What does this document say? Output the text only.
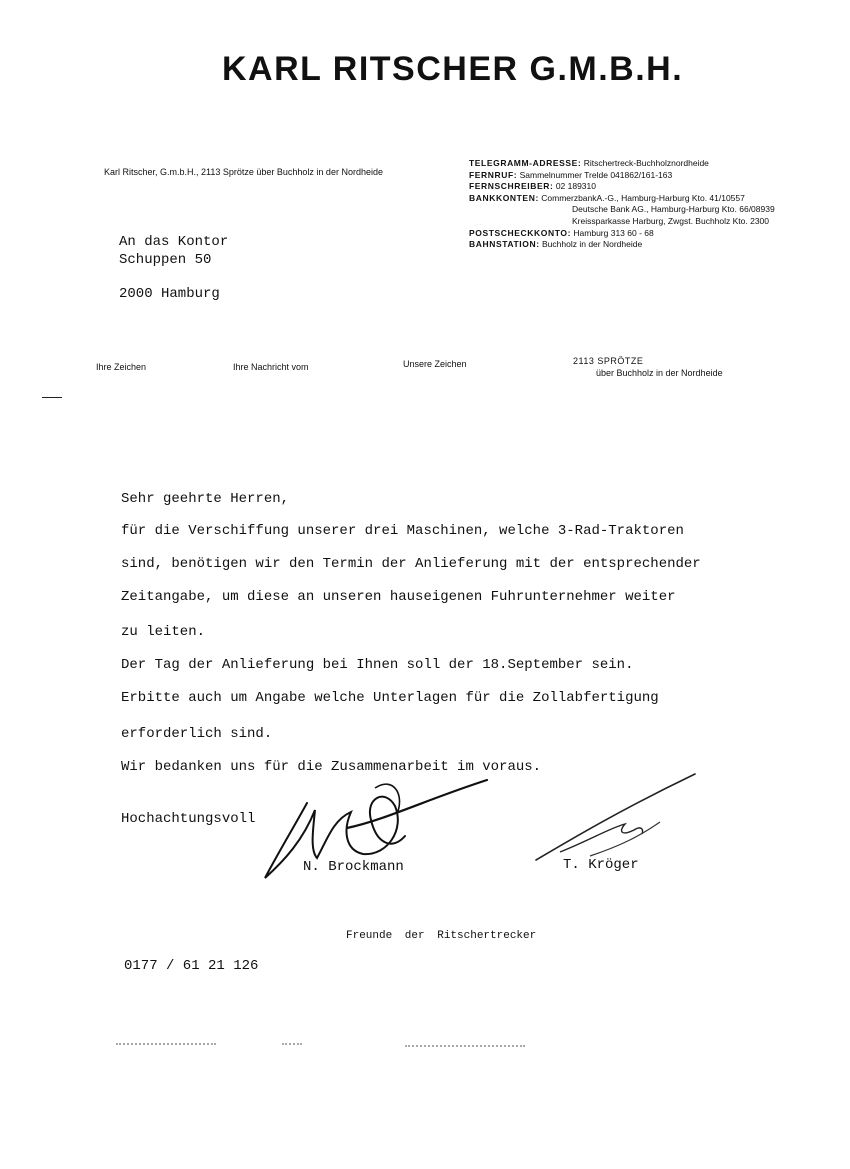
KARL RITSCHER G.M.B.H.
Karl Ritscher, G.m.b.H., 2113 Sprötze über Buchholz in der Nordheide
TELEGRAMM-ADRESSE: Ritschertreck-Buchholznordheide
FERNRUF: Sammelnummer Trelde 041862/161-163
FERNSCHREIBER: 02 189310
BANKKONTEN: CommerzbankA.-G., Hamburg-Harburg Kto. 41/10557
Deutsche Bank AG., Hamburg-Harburg Kto. 66/08939
Kreissparkasse Harburg, Zwgst. Buchholz Kto. 2300
POSTSCHECKKONTO: Hamburg 313 60 - 68
BAHNSTATION: Buchholz in der Nordheide
An das Kontor
Schuppen 50
2000 Hamburg
Ihre Zeichen	Ihre Nachricht vom	Unsere Zeichen	2113 SPRÖTZE
über Buchholz in der Nordheide
Sehr geehrte Herren,
für die Verschiffung unserer drei Maschinen, welche 3-Rad-Traktoren
sind, benötigen wir den Termin der Anlieferung mit der entsprechender
Zeitangabe, um diese an unseren hauseigenen Fuhrunternehmer weiter
zu leiten.
Der Tag der Anlieferung bei Ihnen soll der 18.September sein.
Erbitte auch um Angabe welche Unterlagen für die Zollabfertigung
erforderlich sind.
Wir bedanken uns für die Zusammenarbeit im voraus.
Hochachtungsvoll
N. Brockmann	T. Kröger
Freunde der Ritschertrecker
0177 / 61 21 126
